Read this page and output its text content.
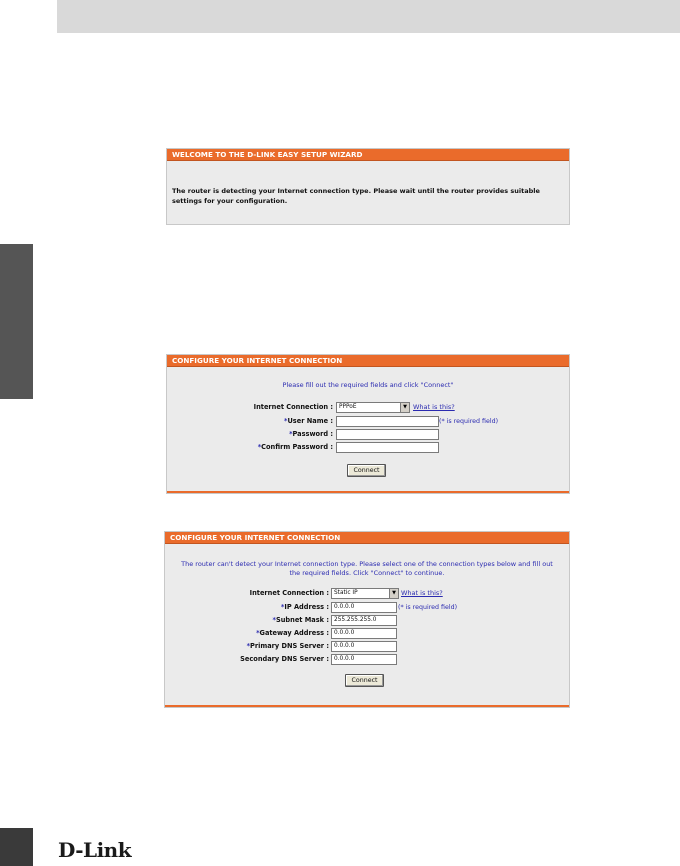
WELCOME TO THE D-LINK EASY SETUP WIZARD
The router is detecting your Internet connection type. Please wait until the router provides suitable settings for your configuration.
CONFIGURE YOUR INTERNET CONNECTION
Please fill out the required fields and click "Connect"
Internet Connection :	PPPoE	▼ What is this?
*User Name :	(* is required field)
*Password :
*Confirm Password :
Connect
CONFIGURE YOUR INTERNET CONNECTION
The router can't detect your Internet connection type. Please select one of the connection types below and fill out the required fields. Click "Connect" to continue.
Internet Connection : Static IP	▼ What is this?
*IP Address : 0.0.0.0	(* is required field)
*Subnet Mask : 255.255.255.0
*Gateway Address : 0.0.0.0
*Primary DNS Server : 0.0.0.0
Secondary DNS Server : 0.0.0.0
Connect
D-Link
